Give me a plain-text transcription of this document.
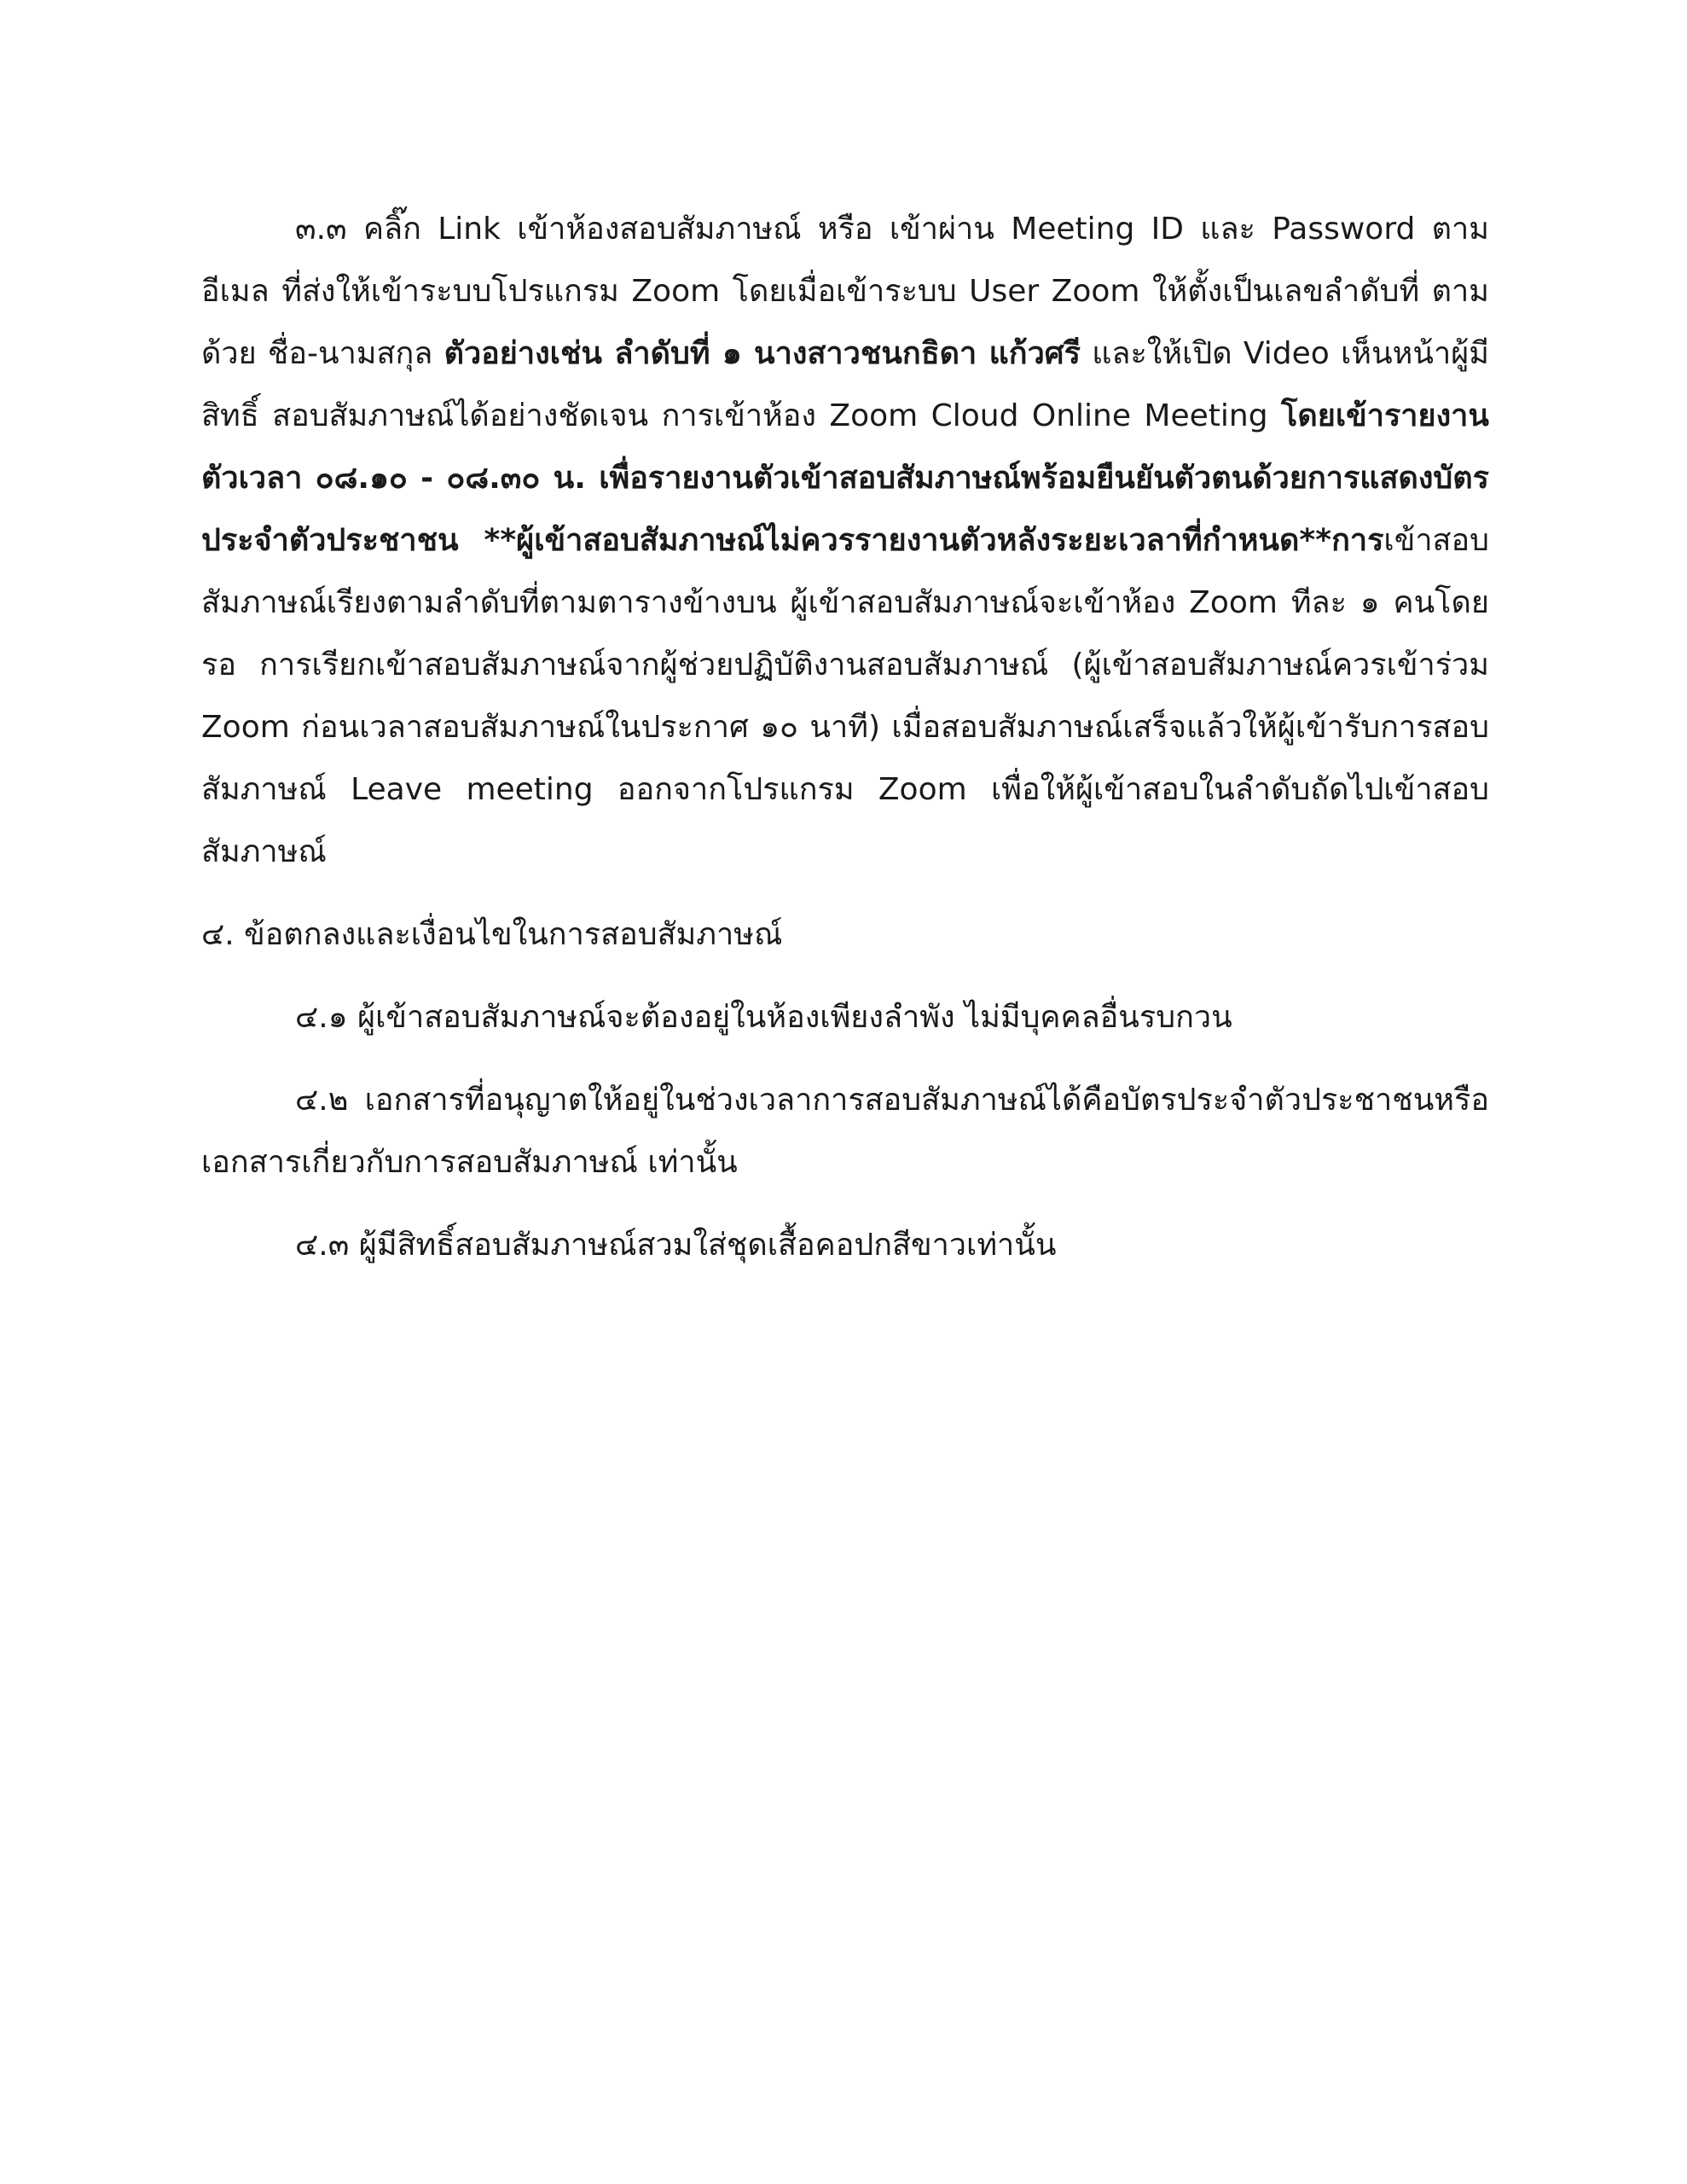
๓.๓ คลิ๊ก Link เข้าห้องสอบสัมภาษณ์ หรือ เข้าผ่าน Meeting ID และ Password ตามอีเมล ที่ส่งให้เข้าระบบโปรแกรม Zoom โดยเมื่อเข้าระบบ User Zoom ให้ตั้งเป็นเลขลำดับที่ ตามด้วย ชื่อ-นามสกุล ตัวอย่างเช่น ลำดับที่ ๑ นางสาวชนกธิดา แก้วศรี และให้เปิด Video เห็นหน้าผู้มีสิทธิ์ สอบสัมภาษณ์ได้อย่างชัดเจน การเข้าห้อง Zoom Cloud Online Meeting โดยเข้ารายงานตัวเวลา ๐๘.๑๐ - ๐๘.๓๐ น. เพื่อรายงานตัวเข้าสอบสัมภาษณ์พร้อมยืนยันตัวตนด้วยการแสดงบัตรประจำตัวประชาชน **ผู้เข้าสอบสัมภาษณ์ไม่ควรรายงานตัวหลังระยะเวลาที่กำหนด**การเข้าสอบ สัมภาษณ์เรียงตามลำดับที่ตามตารางข้างบน ผู้เข้าสอบสัมภาษณ์จะเข้าห้อง Zoom ทีละ ๑ คนโดยรอ การเรียกเข้าสอบสัมภาษณ์จากผู้ช่วยปฏิบัติงานสอบสัมภาษณ์ (ผู้เข้าสอบสัมภาษณ์ควรเข้าร่วม Zoom ก่อนเวลาสอบสัมภาษณ์ในประกาศ ๑๐ นาที) เมื่อสอบสัมภาษณ์เสร็จแล้วให้ผู้เข้ารับการสอบสัมภาษณ์ Leave meeting ออกจากโปรแกรม Zoom เพื่อให้ผู้เข้าสอบในลำดับถัดไปเข้าสอบสัมภาษณ์

๔. ข้อตกลงและเงื่อนไขในการสอบสัมภาษณ์

๔.๑ ผู้เข้าสอบสัมภาษณ์จะต้องอยู่ในห้องเพียงลำพัง ไม่มีบุคคลอื่นรบกวน

๔.๒ เอกสารที่อนุญาตให้อยู่ในช่วงเวลาการสอบสัมภาษณ์ได้คือบัตรประจำตัวประชาชนหรือ เอกสารเกี่ยวกับการสอบสัมภาษณ์ เท่านั้น

๔.๓ ผู้มีสิทธิ์สอบสัมภาษณ์สวมใส่ชุดเสื้อคอปกสีขาวเท่านั้น
